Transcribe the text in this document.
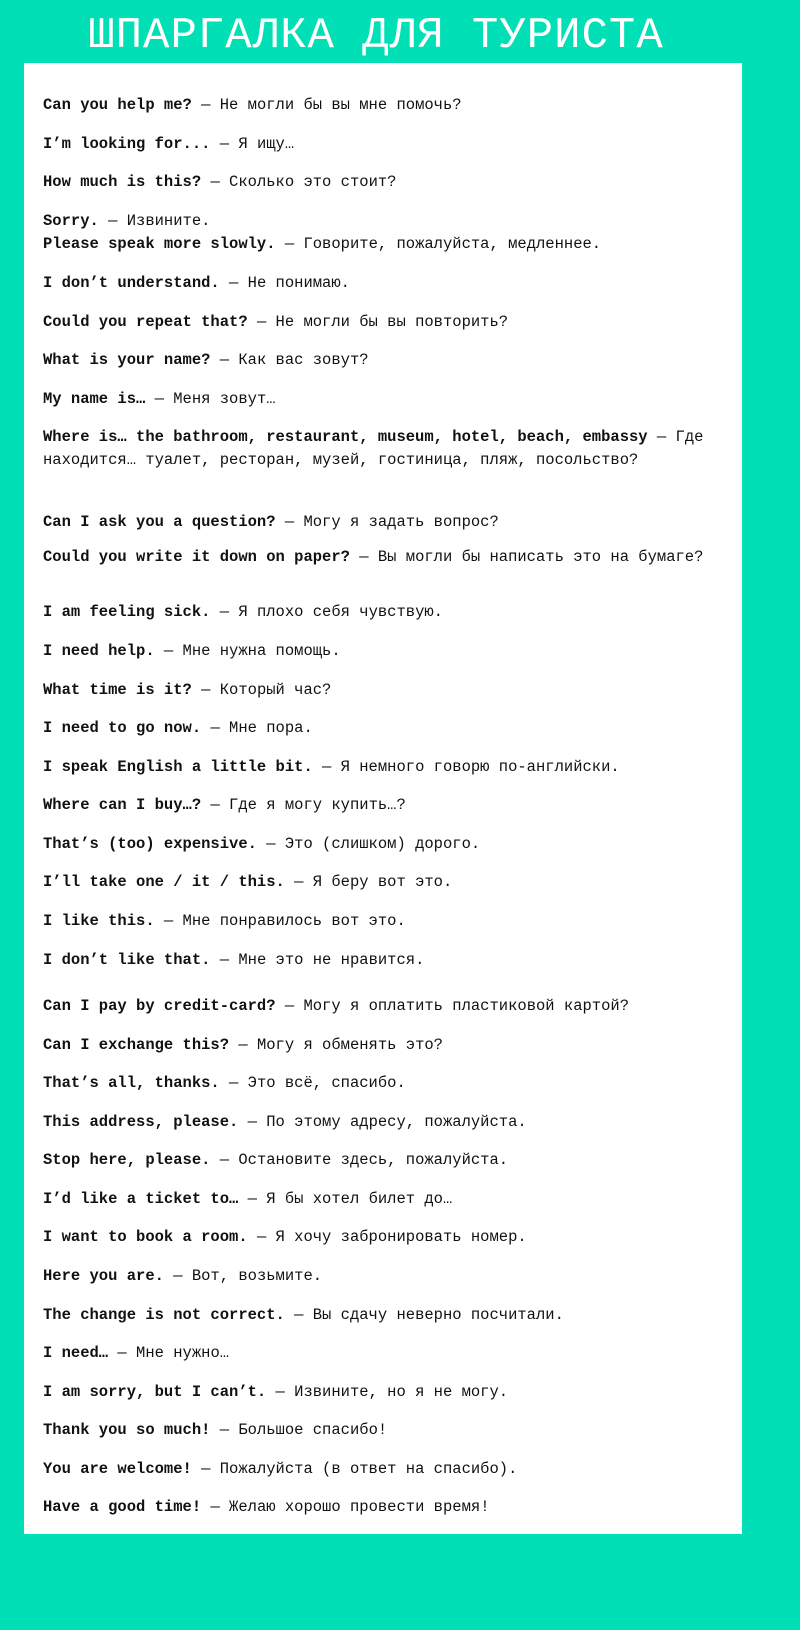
ШПАРГАЛКА ДЛЯ ТУРИСТА

Can you help me? — Не могли бы вы мне помочь?

I’m looking for... — Я ищу…

How much is this? — Сколько это стоит?

Sorry. — Извините.

Please speak more slowly. — Говорите, пожалуйста, медленнее.

I don’t understand. — Не понимаю.

Could you repeat that? — Не могли бы вы повторить?

What is your name? — Как вас зовут?

My name is… — Меня зовут…

Where is… the bathroom, restaurant, museum, hotel, beach, embassy — Где находится… туалет, ресторан, музей, гостиница, пляж, посольство?

Can I ask you a question? — Могу я задать вопрос?

Could you write it down on paper? — Вы могли бы написать это на бумаге?

I am feeling sick. — Я плохо себя чувствую.

I need help. — Мне нужна помощь.

What time is it? — Который час?

I need to go now. — Мне пора.

I speak English a little bit. — Я немного говорю по-английски.

Where can I buy…? — Где я могу купить…?

That’s (too) expensive. — Это (слишком) дорого.

I’ll take one / it / this. — Я беру вот это.

I like this. — Мне понравилось вот это.

I don’t like that. — Мне это не нравится.

Can I pay by credit-card? — Могу я оплатить пластиковой картой?

Can I exchange this? — Могу я обменять это?

That’s all, thanks. — Это всё, спасибо.

This address, please. — По этому адресу, пожалуйста.

Stop here, please. — Остановите здесь, пожалуйста.

I’d like a ticket to… — Я бы хотел билет до…

I want to book a room. — Я хочу забронировать номер.

Here you are. — Вот, возьмите.

The change is not correct. — Вы сдачу неверно посчитали.

I need… — Мне нужно…

I am sorry, but I can’t. — Извините, но я не могу.

Thank you so much! — Большое спасибо!

You are welcome! — Пожалуйста (в ответ на спасибо).

Have a good time! — Желаю хорошо провести время!
